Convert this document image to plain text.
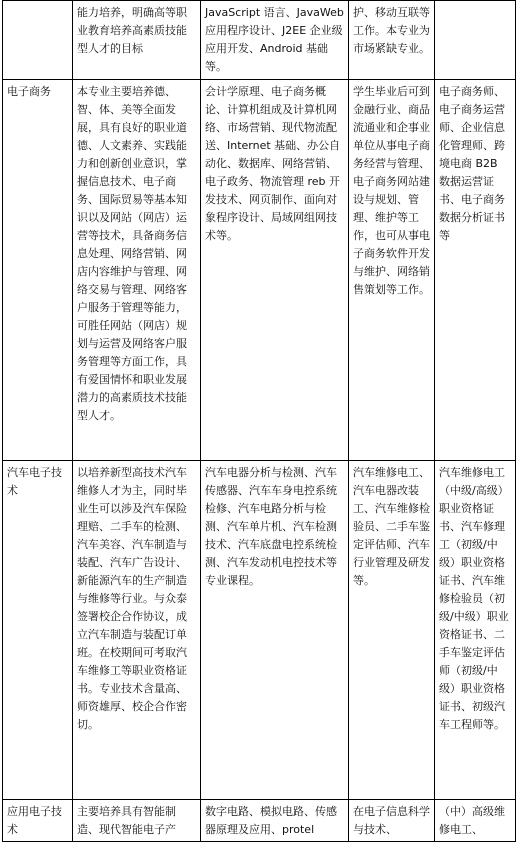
	能力培养，明确高等职业教育培养高素质技能型人才的目标	JavaScript 语言、JavaWeb 应用程序设计、J2EE 企业级应用开发、Android 基础等。	护、移动互联等工作。本专业为市场紧缺专业。	
电子商务	本专业主要培养德、智、体、美等全面发展，具有良好的职业道德、人文素养、实践能力和创新创业意识，掌握信息技术、电子商务、国际贸易等基本知识以及网站（网店）运营等技术，具备商务信息处理、网络营销、网店内容维护与管理、网络交易与管理、网络客户服务于管理等能力，可胜任网站（网店）规划与运营及网络客户服务管理等方面工作，具有爱国情怀和职业发展潜力的高素质技术技能型人才。	会计学原理、电子商务概论、计算机组成及计算机网络、市场营销、现代物流配送、Internet 基础、办公自动化、数据库、网络营销、电子政务、物流管理 reb 开发技术、网页制作、面向对象程序设计、局域网组网技术等。	学生毕业后可到金融行业、商品流通业和企事业单位从事电子商务经营与管理、电子商务网站建设与规划、管理、维护等工作，也可从事电子商务软件开发与维护、网络销售策划等工作。	电子商务师、电子商务运营师、企业信息化管理师、跨境电商 B2B 数据运营证书、电子商务数据分析证书等
汽车电子技术	以培养新型高技术汽车维修人才为主，同时毕业生可以涉及汽车保险理赔、二手车的检测、汽车美容、汽车制造与装配、汽车广告设计、新能源汽车的生产制造与维修等行业。与众泰签署校企合作协议，成立汽车制造与装配订单班。在校期间可考取汽车维修工等职业资格证书。专业技术含量高、师资雄厚、校企合作密切。	汽车电器分析与检测、汽车传感器、汽车车身电控系统检修、汽车电路分析与检测、汽车单片机、汽车检测技术、汽车底盘电控系统检测、汽车发动机电控技术等专业课程。	汽车维修电工、汽车电器改装工、汽车维修检验员、二手车鉴定评估师、汽车行业管理及研发等。	汽车维修电工（中级/高级）职业资格证书、汽车修理工（初级/中级）职业资格证书、汽车维修检验员（初级/中级）职业资格证书、二手车鉴定评估师（初级/中级）职业资格证书、初级汽车工程师等。
应用电子技术	主要培养具有智能制造、现代智能电子产	数字电路、模拟电路、传感器原理及应用、protel	在电子信息科学与技术、	（中）高级维修电工、
